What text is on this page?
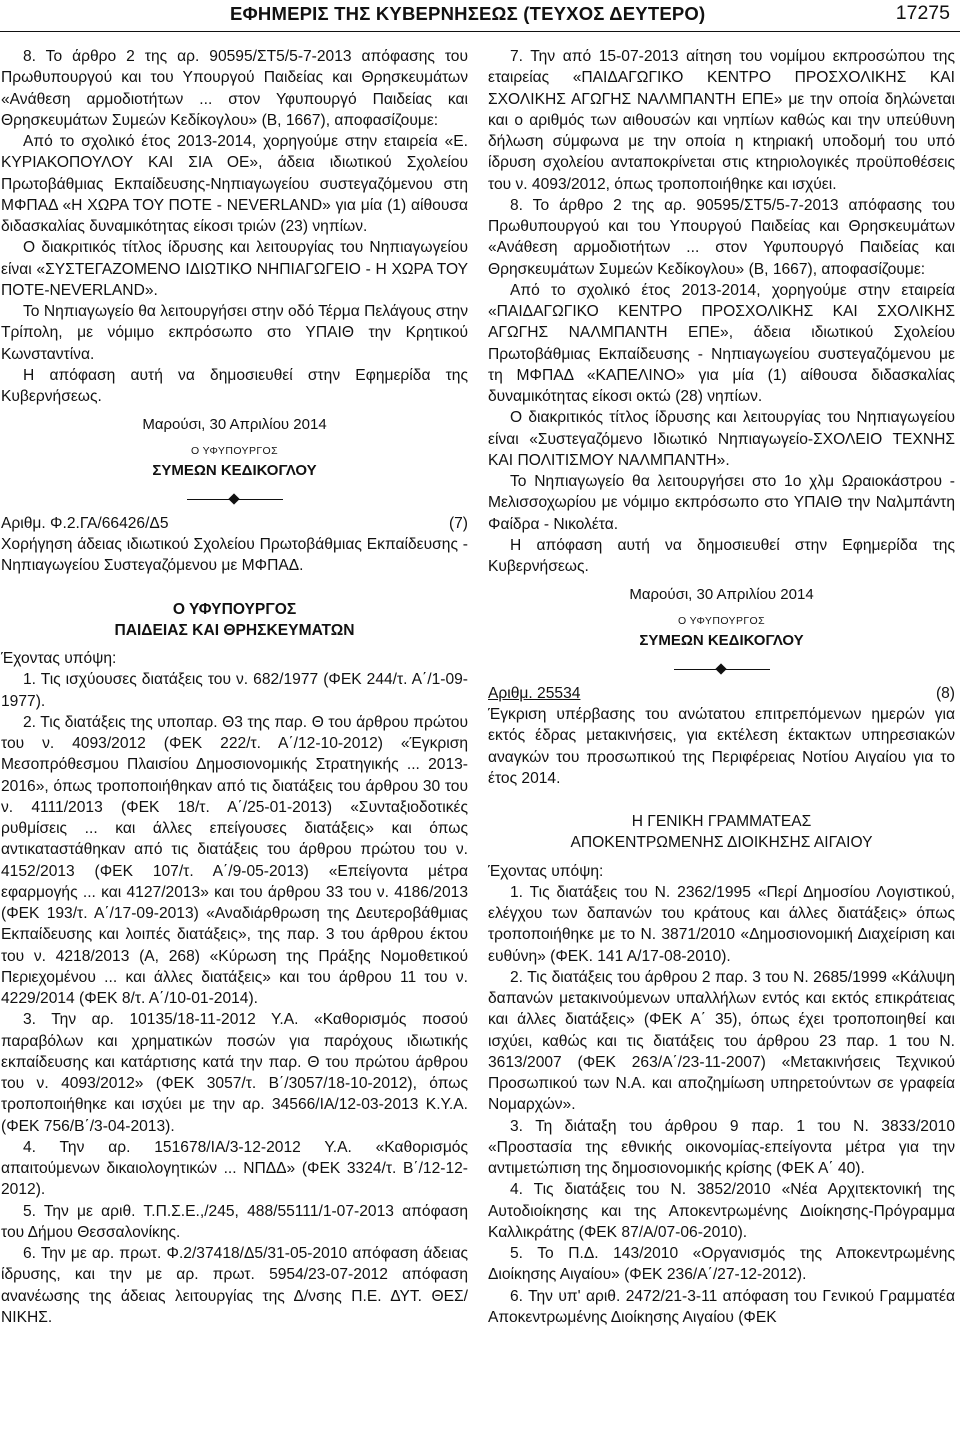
ΕΦΗΜΕΡΙΣ ΤΗΣ ΚΥΒΕΡΝΗΣΕΩΣ (ΤΕΥΧΟΣ ΔΕΥΤΕΡΟ)	17275

8. Το άρθρο 2 της αρ. 90595/ΣΤ5/5-7-2013 απόφασης του Πρωθυπουργού και του Υπουργού Παιδείας και Θρησκευμάτων «Ανάθεση αρμοδιοτήτων ... στον Υφυπουργό Παιδείας και Θρησκευμάτων Συμεών Κεδίκογλου» (Β, 1667), αποφασίζουμε:

Από το σχολικό έτος 2013-2014, χορηγούμε στην εταιρεία «Ε. ΚΥΡΙΑΚΟΠΟΥΛΟΥ ΚΑΙ ΣΙΑ ΟΕ», άδεια ιδιωτικού Σχολείου Πρωτοβάθμιας Εκπαίδευσης-Νηπιαγωγείου συστεγαζόμενου στη ΜΦΠΑΔ «Η ΧΩΡΑ ΤΟΥ ΠΟΤΕ - NEVERLAND» για μία (1) αίθουσα διδασκαλίας δυναμικότητας είκοσι τριών (23) νηπίων.

Ο διακριτικός τίτλος ίδρυσης και λειτουργίας του Νηπιαγωγείου είναι «ΣΥΣΤΕΓΑΖΟΜΕΝΟ ΙΔΙΩΤΙΚΟ ΝΗΠΙΑΓΩΓΕΙΟ - Η ΧΩΡΑ ΤΟΥ ΠΟΤΕ-NEVERLAND».

Το Νηπιαγωγείο θα λειτουργήσει στην οδό Τέρμα Πελάγους στην Τρίπολη, με νόμιμο εκπρόσωπο στο ΥΠΑΙΘ την Κρητικού Κωνσταντίνα.

Η απόφαση αυτή να δημοσιευθεί στην Εφημερίδα της Κυβερνήσεως.

Μαρούσι, 30 Απριλίου 2014

Ο ΥΦΥΠΟΥΡΓΟΣ

ΣΥΜΕΩΝ ΚΕΔΙΚΟΓΛΟΥ

Αριθμ. Φ.2.ΓΑ/66426/Δ5	(7)

Χορήγηση άδειας ιδιωτικού Σχολείου Πρωτοβάθμιας Εκπαίδευσης - Νηπιαγωγείου Συστεγαζόμενου με ΜΦΠΑΔ.

Ο ΥΦΥΠΟΥΡΓΟΣ

ΠΑΙΔΕΙΑΣ ΚΑΙ ΘΡΗΣΚΕΥΜΑΤΩΝ

Έχοντας υπόψη:

1. Τις ισχύουσες διατάξεις του ν. 682/1977 (ΦΕΚ 244/τ. Α΄/1-09-1977).

2. Τις διατάξεις της υποπαρ. Θ3 της παρ. Θ του άρθρου πρώτου του ν. 4093/2012 (ΦΕΚ 222/τ. Α΄/12-10-2012) «Έγκριση Μεσοπρόθεσμου Πλαισίου Δημοσιονομικής Στρατηγικής ... 2013-2016», όπως τροποποιήθηκαν από τις διατάξεις του άρθρου 30 του ν. 4111/2013 (ΦΕΚ 18/τ. Α΄/25-01-2013) «Συνταξιοδοτικές ρυθμίσεις ... και άλλες επείγουσες διατάξεις» και όπως αντικαταστάθηκαν από τις διατάξεις του άρθρου πρώτου του ν. 4152/2013 (ΦΕΚ 107/τ. Α΄/9-05-2013) «Επείγοντα μέτρα εφαρμογής ... και 4127/2013» και του άρθρου 33 του ν. 4186/2013 (ΦΕΚ 193/τ. Α΄/17-09-2013) «Αναδιάρθρωση της Δευτεροβάθμιας Εκπαίδευσης και λοιπές διατάξεις», της παρ. 3 του άρθρου έκτου του ν. 4218/2013 (Α, 268) «Κύρωση της Πράξης Νομοθετικού Περιεχομένου ... και άλλες διατάξεις» και του άρθρου 11 του ν. 4229/2014 (ΦΕΚ 8/τ. Α΄/10-01-2014).

3. Την αρ. 10135/18-11-2012 Υ.Α. «Καθορισμός ποσού παραβόλων και χρηματικών ποσών για παρόχους ιδιωτικής εκπαίδευσης και κατάρτισης κατά την παρ. Θ του πρώτου άρθρου του ν. 4093/2012» (ΦΕΚ 3057/τ. Β΄/3057/18-10-2012), όπως τροποποιήθηκε και ισχύει με την αρ. 34566/ΙΑ/12-03-2013 Κ.Υ.Α. (ΦΕΚ 756/Β΄/3-04-2013).

4. Την αρ. 151678/ΙΑ/3-12-2012 Υ.Α. «Καθορισμός απαιτούμενων δικαιολογητικών ... ΝΠΔΔ» (ΦΕΚ 3324/τ. Β΄/12-12-2012).

5. Την με αριθ. Τ.Π.Σ.Ε.,/245, 488/55111/1-07-2013 απόφαση του Δήμου Θεσσαλονίκης.

6. Την με αρ. πρωτ. Φ.2/37418/Δ5/31-05-2010 απόφαση άδειας ίδρυσης, και την με αρ. πρωτ. 5954/23-07-2012 απόφαση ανανέωσης της άδειας λειτουργίας της Δ/νσης Π.Ε. ΔΥΤ. ΘΕΣ/ΝΙΚΗΣ.

7. Την από 15-07-2013 αίτηση του νομίμου εκπροσώπου της εταιρείας «ΠΑΙΔΑΓΩΓΙΚΟ ΚΕΝΤΡΟ ΠΡΟΣΧΟΛΙΚΗΣ ΚΑΙ ΣΧΟΛΙΚΗΣ ΑΓΩΓΗΣ ΝΑΛΜΠΑΝΤΗ ΕΠΕ» με την οποία δηλώνεται και ο αριθμός των αιθουσών και νηπίων καθώς και την υπεύθυνη δήλωση σύμφωνα με την οποία η κτηριακή υποδομή του υπό ίδρυση σχολείου ανταποκρίνεται στις κτηριολογικές προϋποθέσεις του ν. 4093/2012, όπως τροποποιήθηκε και ισχύει.

8. Το άρθρο 2 της αρ. 90595/ΣΤ5/5-7-2013 απόφασης του Πρωθυπουργού και του Υπουργού Παιδείας και Θρησκευμάτων «Ανάθεση αρμοδιοτήτων ... στον Υφυπουργό Παιδείας και Θρησκευμάτων Συμεών Κεδίκογλου» (Β, 1667), αποφασίζουμε:

Από το σχολικό έτος 2013-2014, χορηγούμε στην εταιρεία «ΠΑΙΔΑΓΩΓΙΚΟ ΚΕΝΤΡΟ ΠΡΟΣΧΟΛΙΚΗΣ ΚΑΙ ΣΧΟΛΙΚΗΣ ΑΓΩΓΗΣ ΝΑΛΜΠΑΝΤΗ ΕΠΕ», άδεια ιδιωτικού Σχολείου Πρωτοβάθμιας Εκπαίδευσης - Νηπιαγωγείου συστεγαζόμενου με τη ΜΦΠΑΔ «ΚΑΠΕΛΙΝΟ» για μία (1) αίθουσα διδασκαλίας δυναμικότητας είκοσι οκτώ (28) νηπίων.

Ο διακριτικός τίτλος ίδρυσης και λειτουργίας του Νηπιαγωγείου είναι «Συστεγαζόμενο Ιδιωτικό Νηπιαγωγείο-ΣΧΟΛΕΙΟ ΤΕΧΝΗΣ ΚΑΙ ΠΟΛΙΤΙΣΜΟΥ ΝΑΛΜΠΑΝΤΗ».

Το Νηπιαγωγείο θα λειτουργήσει στο 1ο χλμ Ωραιοκάστρου - Μελισσοχωρίου με νόμιμο εκπρόσωπο στο ΥΠΑΙΘ την Ναλμπάντη Φαίδρα - Νικολέτα.

Η απόφαση αυτή να δημοσιευθεί στην Εφημερίδα της Κυβερνήσεως.

Μαρούσι, 30 Απριλίου 2014

Ο ΥΦΥΠΟΥΡΓΟΣ

ΣΥΜΕΩΝ ΚΕΔΙΚΟΓΛΟΥ

Αριθμ. 25534	(8)

Έγκριση υπέρβασης του ανώτατου επιτρεπόμενων ημερών για εκτός έδρας μετακινήσεις, για εκτέλεση έκτακτων υπηρεσιακών αναγκών του προσωπικού της Περιφέρειας Νοτίου Αιγαίου για το έτος 2014.

Η ΓΕΝΙΚΗ ΓΡΑΜΜΑΤΕΑΣ

ΑΠΟΚΕΝΤΡΩΜΕΝΗΣ ΔΙΟΙΚΗΣΗΣ ΑΙΓΑΙΟΥ

Έχοντας υπόψη:

1. Τις διατάξεις του Ν. 2362/1995 «Περί Δημοσίου Λογιστικού, ελέγχου των δαπανών του κράτους και άλλες διατάξεις» όπως τροποποιήθηκε με το Ν. 3871/2010 «Δημοσιονομική Διαχείριση και ευθύνη» (ΦΕΚ. 141 Α/17-08-2010).

2. Τις διατάξεις του άρθρου 2 παρ. 3 του Ν. 2685/1999 «Κάλυψη δαπανών μετακινούμενων υπαλλήλων εντός και εκτός επικράτειας και άλλες διατάξεις» (ΦΕΚ Α΄ 35), όπως έχει τροποποιηθεί και ισχύει, καθώς και τις διατάξεις του άρθρου 23 παρ. 1 του Ν. 3613/2007 (ΦΕΚ 263/Α΄/23-11-2007) «Μετακινήσεις Τεχνικού Προσωπικού των Ν.Α. και αποζημίωση υπηρετούντων σε γραφεία Νομαρχών».

3. Τη διάταξη του άρθρου 9 παρ. 1 του Ν. 3833/2010 «Προστασία της εθνικής οικονομίας-επείγοντα μέτρα για την αντιμετώπιση της δημοσιονομικής κρίσης (ΦΕΚ Α΄ 40).

4. Τις διατάξεις του Ν. 3852/2010 «Νέα Αρχιτεκτονική της Αυτοδιοίκησης και της Αποκεντρωμένης Διοίκησης-Πρόγραμμα Καλλικράτης (ΦΕΚ 87/Α/07-06-2010).

5. Το Π.Δ. 143/2010 «Οργανισμός της Αποκεντρωμένης Διοίκησης Αιγαίου» (ΦΕΚ 236/Α΄/27-12-2012).

6. Την υπ' αριθ. 2472/21-3-11 απόφαση του Γενικού Γραμματέα Αποκεντρωμένης Διοίκησης Αιγαίου (ΦΕΚ
